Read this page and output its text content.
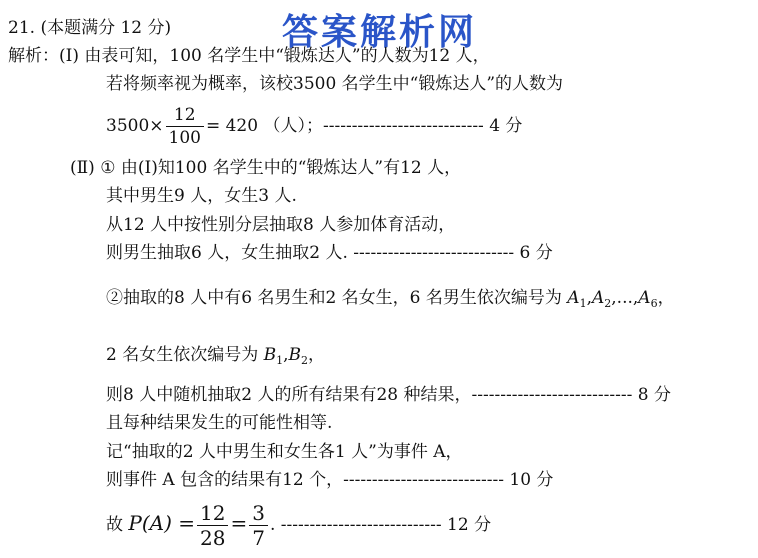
答案解析网
21. (本题满分 12 分)
解析：(Ⅰ) 由表可知，100 名学生中“锻炼达人”的人数为12 人，
若将频率视为概率，该校3500 名学生中“锻炼达人”的人数为
$3500\times \frac{12}{100} = 420$ （人）；---------------------------- 4 分
(Ⅱ) ① 由(Ⅰ)知100 名学生中的“锻炼达人”有12 人，
其中男生9 人，女生3 人.
从12 人中按性别分层抽取8 人参加体育活动，
则男生抽取6 人，女生抽取2 人. ---------------------------- 6 分
②抽取的8 人中有6 名男生和2 名女生，6 名男生依次编号为 $A_1,A_2,...,A_6$，
2 名女生依次编号为 $B_1,B_2$，
则8 人中随机抽取2 人的所有结果有28 种结果，---------------------------- 8 分
且每种结果发生的可能性相等.
记“抽取的2 人中男生和女生各1 人”为事件 A，
则事件 A 包含的结果有12 个，---------------------------- 10 分
故 $P(A) = \frac{12}{28} = \frac{3}{7}$ . ---------------------------- 12 分
